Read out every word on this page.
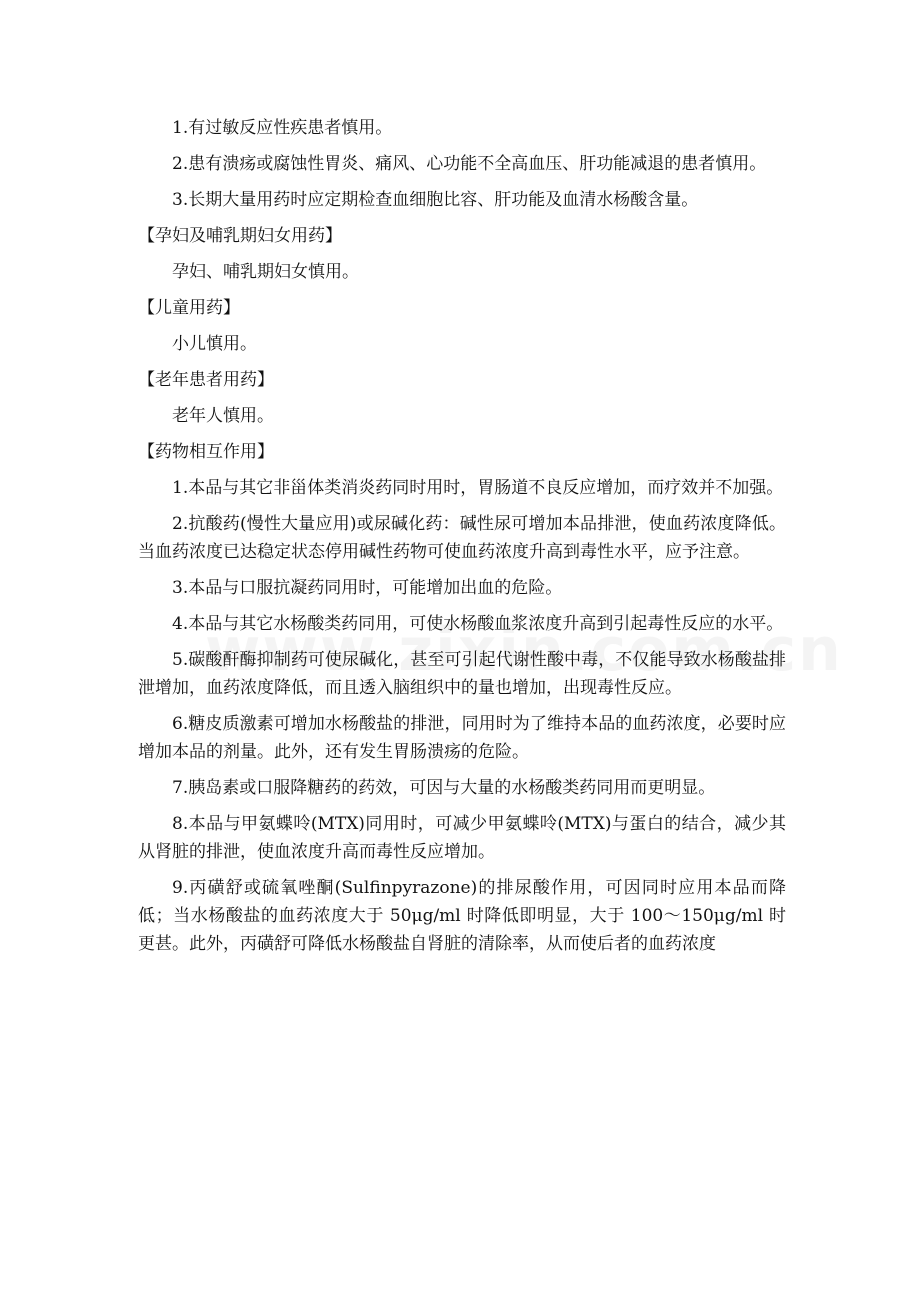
1.有过敏反应性疾患者慎用。

2.患有溃疡或腐蚀性胃炎、痛风、心功能不全高血压、肝功能减退的患者慎用。

3.长期大量用药时应定期检查血细胞比容、肝功能及血清水杨酸含量。

【孕妇及哺乳期妇女用药】

孕妇、哺乳期妇女慎用。

【儿童用药】

小儿慎用。

【老年患者用药】

老年人慎用。

【药物相互作用】

1.本品与其它非甾体类消炎药同时用时，胃肠道不良反应增加，而疗效并不加强。

2.抗酸药(慢性大量应用)或尿碱化药：碱性尿可增加本品排泄，使血药浓度降低。当血药浓度已达稳定状态停用碱性药物可使血药浓度升高到毒性水平，应予注意。

3.本品与口服抗凝药同用时，可能增加出血的危险。

4.本品与其它水杨酸类药同用，可使水杨酸血浆浓度升高到引起毒性反应的水平。

5.碳酸酐酶抑制药可使尿碱化，甚至可引起代谢性酸中毒，不仅能导致水杨酸盐排泄增加，血药浓度降低，而且透入脑组织中的量也增加，出现毒性反应。

6.糖皮质激素可增加水杨酸盐的排泄，同用时为了维持本品的血药浓度，必要时应增加本品的剂量。此外，还有发生胃肠溃疡的危险。

7.胰岛素或口服降糖药的药效，可因与大量的水杨酸类药同用而更明显。

8.本品与甲氨蝶呤(MTX)同用时，可减少甲氨蝶呤(MTX)与蛋白的结合，减少其从肾脏的排泄，使血浓度升高而毒性反应增加。

9.丙磺舒或硫氧唑酮(Sulfinpyrazone)的排尿酸作用，可因同时应用本品而降低；当水杨酸盐的血药浓度大于 50μg/ml 时降低即明显，大于 100～150μg/ml 时更甚。此外，丙磺舒可降低水杨酸盐自肾脏的清除率，从而使后者的血药浓度
